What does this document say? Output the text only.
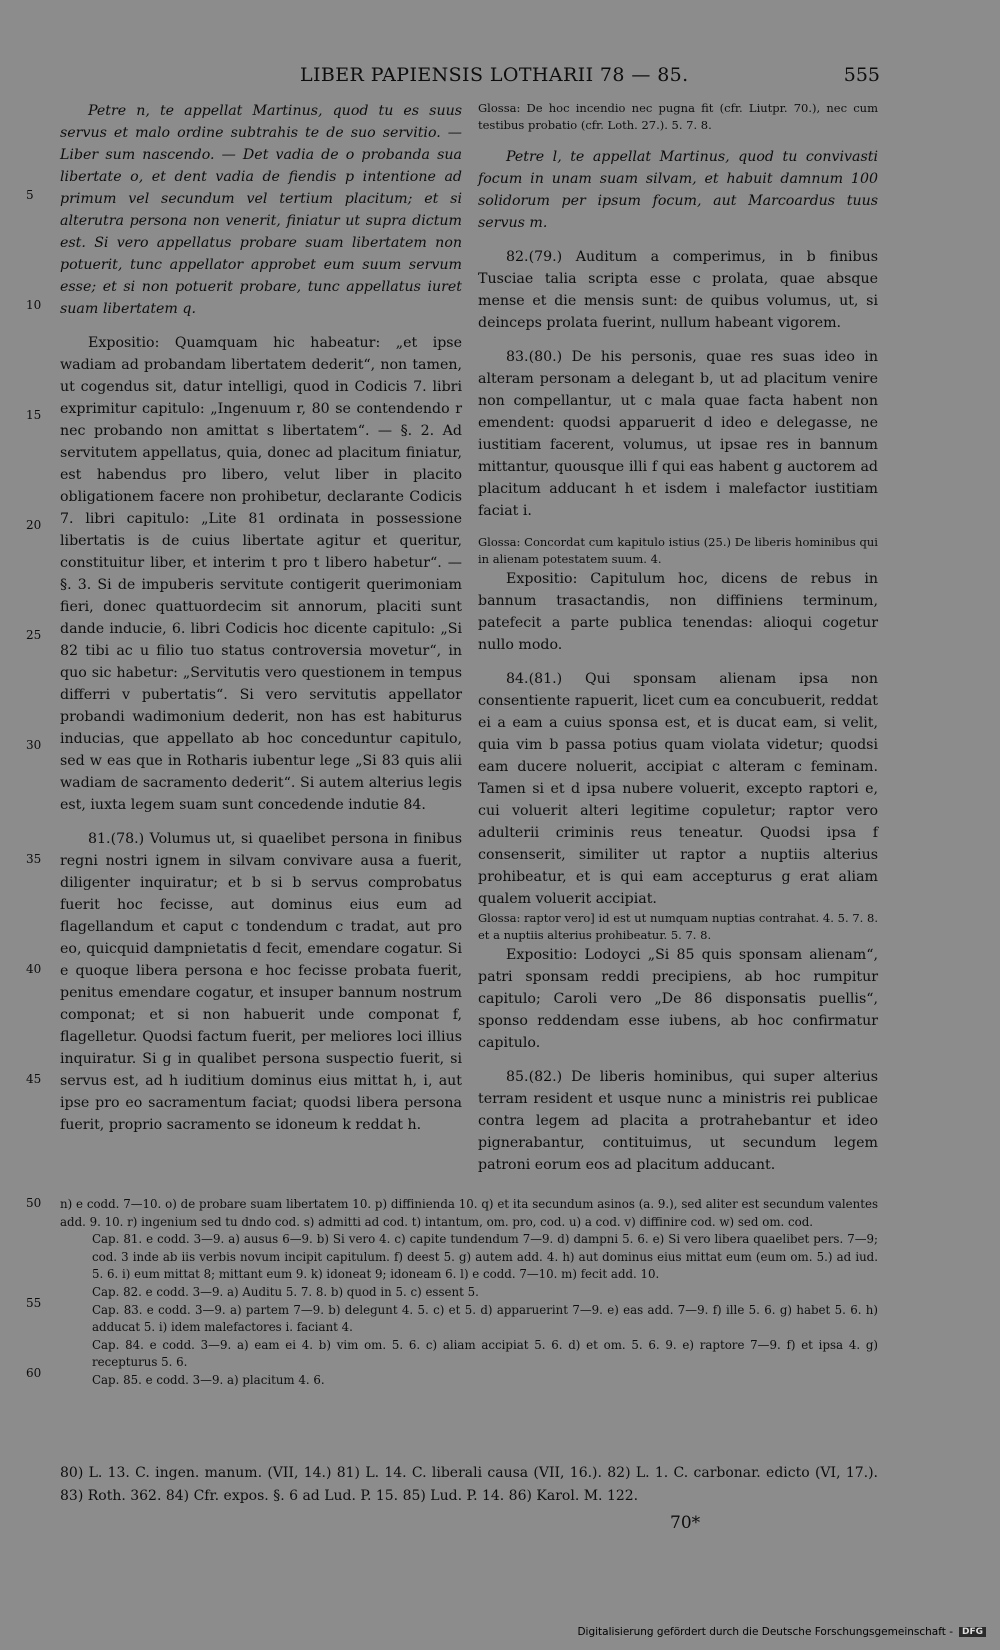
LIBER PAPIENSIS LOTHARII 78 — 85.	555
5
10
15
20
25
30
35
40
45

Petre n, te appellat Martinus, quod tu es suus servus et malo ordine subtrahis te de suo servitio. — Liber sum nascendo. — Det vadia de o probanda sua libertate o, et dent vadia de fiendis p intentione ad primum vel secundum vel tertium placitum; et si alterutra persona non venerit, finiatur ut supra dictum est. Si vero appellatus probare suam libertatem non potuerit, tunc appellator approbet eum suum servum esse; et si non potuerit probare, tunc appellatus iuret suam libertatem q.

Expositio: Quamquam hic habeatur: „et ipse wadiam ad probandam libertatem dederit“, non tamen, ut cogendus sit, datur intelligi, quod in Codicis 7. libri exprimitur capitulo: „Ingenuum r, 80 se contendendo r nec probando non amittat s libertatem“. — §. 2. Ad servitutem appellatus, quia, donec ad placitum finiatur, est habendus pro libero, velut liber in placito obligationem facere non prohibetur, declarante Codicis 7. libri capitulo: „Lite 81 ordinata in possessione libertatis is de cuius libertate agitur et queritur, constituitur liber, et interim t pro t libero habetur“. — §. 3. Si de impuberis servitute contigerit querimoniam fieri, donec quattuordecim sit annorum, placiti sunt dande inducie, 6. libri Codicis hoc dicente capitulo: „Si 82 tibi ac u filio tuo status controversia movetur“, in quo sic habetur: „Servitutis vero questionem in tempus differri v pubertatis“. Si vero servitutis appellator probandi wadimonium dederit, non has est habiturus inducias, que appellato ab hoc conceduntur capitulo, sed w eas que in Rotharis iubentur lege „Si 83 quis alii wadiam de sacramento dederit“. Si autem alterius legis est, iuxta legem suam sunt concedende indutie 84.

81.(78.) Volumus ut, si quaelibet persona in finibus regni nostri ignem in silvam convivare ausa a fuerit, diligenter inquiratur; et b si b servus comprobatus fuerit hoc fecisse, aut dominus eius eum ad flagellandum et caput c tondendum c tradat, aut pro eo, quicquid dampnietatis d fecit, emendare cogatur. Si e quoque libera persona e hoc fecisse probata fuerit, penitus emendare cogatur, et insuper bannum nostrum componat; et si non habuerit unde componat f, flagelletur. Quodsi factum fuerit, per meliores loci illius inquiratur. Si g in qualibet persona suspectio fuerit, si servus est, ad h iuditium dominus eius mittat h, i, aut ipse pro eo sacramentum faciat; quodsi libera persona fuerit, proprio sacramento se idoneum k reddat h.

Glossa: De hoc incendio nec pugna fit (cfr. Liutpr. 70.), nec cum testibus probatio (cfr. Loth. 27.). 5. 7. 8.

Petre l, te appellat Martinus, quod tu convivasti focum in unam suam silvam, et habuit damnum 100 solidorum per ipsum focum, aut Marcoardus tuus servus m.

82.(79.) Auditum a comperimus, in b finibus Tusciae talia scripta esse c prolata, quae absque mense et die mensis sunt: de quibus volumus, ut, si deinceps prolata fuerint, nullum habeant vigorem.

83.(80.) De his personis, quae res suas ideo in alteram personam a delegant b, ut ad placitum venire non compellantur, ut c mala quae facta habent non emendent: quodsi apparuerit d ideo e delegasse, ne iustitiam facerent, volumus, ut ipsae res in bannum mittantur, quousque illi f qui eas habent g auctorem ad placitum adducant h et isdem i malefactor iustitiam faciat i.

Glossa: Concordat cum kapitulo istius (25.) De liberis hominibus qui in alienam potestatem suum. 4.

Expositio: Capitulum hoc, dicens de rebus in bannum trasactandis, non diffiniens terminum, patefecit a parte publica tenendas: alioqui cogetur nullo modo.

84.(81.) Qui sponsam alienam ipsa non consentiente rapuerit, licet cum ea concubuerit, reddat ei a eam a cuius sponsa est, et is ducat eam, si velit, quia vim b passa potius quam violata videtur; quodsi eam ducere noluerit, accipiat c alteram c feminam. Tamen si et d ipsa nubere voluerit, excepto raptori e, cui voluerit alteri legitime copuletur; raptor vero adulterii criminis reus teneatur. Quodsi ipsa f consenserit, similiter ut raptor a nuptiis alterius prohibeatur, et is qui eam accepturus g erat aliam qualem voluerit accipiat.

Glossa: raptor vero] id est ut numquam nuptias contrahat. 4. 5. 7. 8. et a nuptiis alterius prohibeatur. 5. 7. 8.

Expositio: Lodoyci „Si 85 quis sponsam alienam“, patri sponsam reddi precipiens, ab hoc rumpitur capitulo; Caroli vero „De 86 disponsatis puellis“, sponso reddendam esse iubens, ab hoc confirmatur capitulo.

85.(82.) De liberis hominibus, qui super alterius terram resident et usque nunc a ministris rei publicae contra legem ad placita a protrahebantur et ideo pignerabantur, contituimus, ut secundum legem patroni eorum eos ad placitum adducant.

50
55
60

n) e codd. 7—10. o) de probare suam libertatem 10. p) diffinienda 10. q) et ita secundum asinos (a. 9.), sed aliter est secundum valentes add. 9. 10. r) ingenium sed tu dndo cod. s) admitti ad cod. t) intantum, om. pro, cod. u) a cod. v) diffinire cod. w) sed om. cod.

Cap. 81. e codd. 3—9. a) ausus 6—9. b) Si vero 4. c) capite tundendum 7—9. d) dampni 5. 6. e) Si vero libera quaelibet pers. 7—9; cod. 3 inde ab iis verbis novum incipit capitulum. f) deest 5. g) autem add. 4. h) aut dominus eius mittat eum (eum om. 5.) ad iud. 5. 6. i) eum mittat 8; mittant eum 9. k) idoneat 9; idoneam 6. l) e codd. 7—10. m) fecit add. 10.

Cap. 82. e codd. 3—9. a) Auditu 5. 7. 8. b) quod in 5. c) essent 5.

Cap. 83. e codd. 3—9. a) partem 7—9. b) delegunt 4. 5. c) et 5. d) apparuerint 7—9. e) eas add. 7—9. f) ille 5. 6. g) habet 5. 6. h) adducat 5. i) idem malefactores i. faciant 4.

Cap. 84. e codd. 3—9. a) eam ei 4. b) vim om. 5. 6. c) aliam accipiat 5. 6. d) et om. 5. 6. 9. e) raptore 7—9. f) et ipsa 4. g) recepturus 5. 6.

Cap. 85. e codd. 3—9. a) placitum 4. 6.

80) L. 13. C. ingen. manum. (VII, 14.) 81) L. 14. C. liberali causa (VII, 16.). 82) L. 1. C. carbonar. edicto (VI, 17.). 83) Roth. 362. 84) Cfr. expos. §. 6 ad Lud. P. 15. 85) Lud. P. 14. 86) Karol. M. 122.
70*
Digitalisierung gefördert durch die Deutsche Forschungsgemeinschaft -	DFG
